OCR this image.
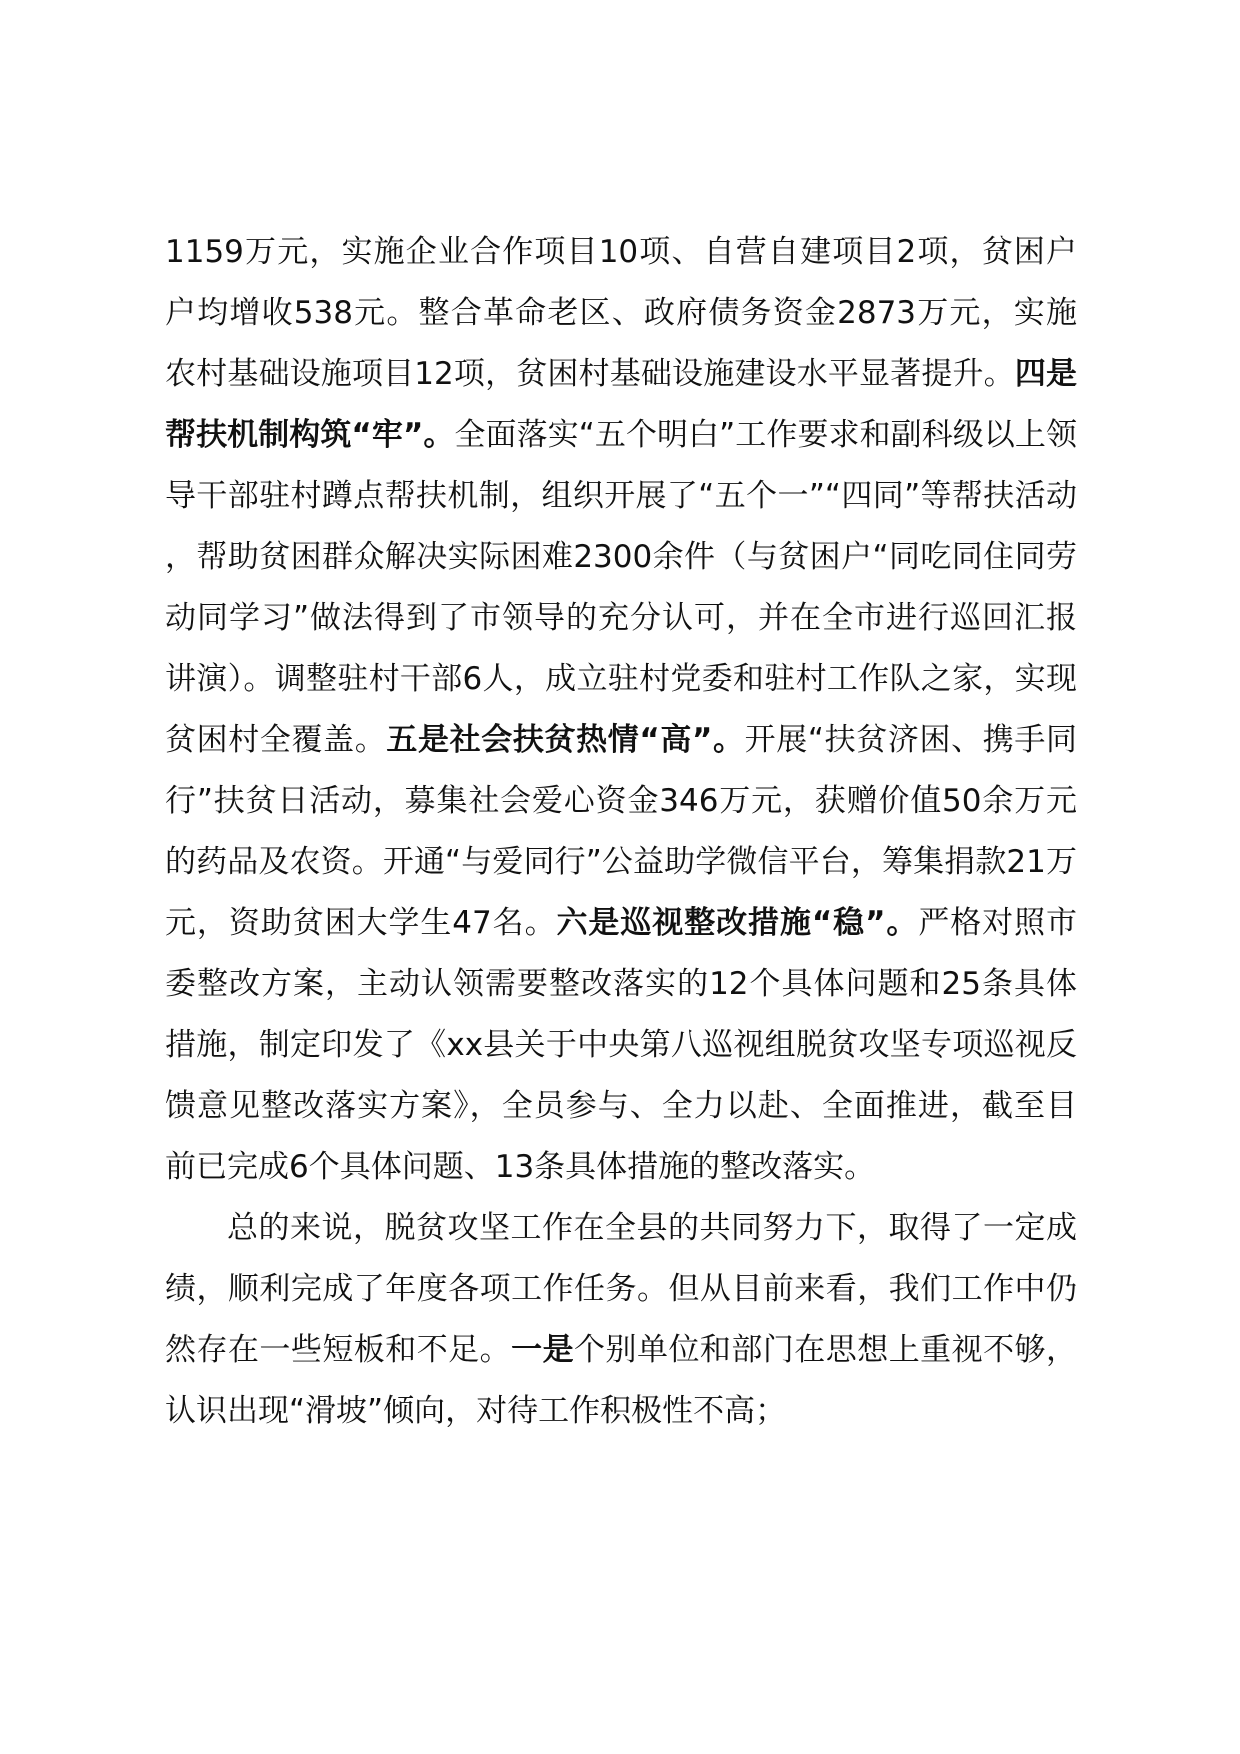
1159万元，实施企业合作项目10项、自营自建项目2项，贫困户户均增收538元。整合革命老区、政府债务资金2873万元，实施农村基础设施项目12项，贫困村基础设施建设水平显著提升。四是帮扶机制构筑“牢”。全面落实“五个明白”工作要求和副科级以上领导干部驻村蹲点帮扶机制，组织开展了“五个一”“四同”等帮扶活动，帮助贫困群众解决实际困难2300余件（与贫困户“同吃同住同劳动同学习”做法得到了市领导的充分认可，并在全市进行巡回汇报讲演）。调整驻村干部6人，成立驻村党委和驻村工作队之家，实现贫困村全覆盖。五是社会扶贫热情“高”。开展“扶贫济困、携手同行”扶贫日活动，募集社会爱心资金346万元，获赠价值50余万元的药品及农资。开通“与爱同行”公益助学微信平台，筹集捐款21万元，资助贫困大学生47名。六是巡视整改措施“稳”。严格对照市委整改方案，主动认领需要整改落实的12个具体问题和25条具体措施，制定印发了《xx县关于中央第八巡视组脱贫攻坚专项巡视反馈意见整改落实方案》，全员参与、全力以赴、全面推进，截至目前已完成6个具体问题、13条具体措施的整改落实。

总的来说，脱贫攻坚工作在全县的共同努力下，取得了一定成绩，顺利完成了年度各项工作任务。但从目前来看，我们工作中仍然存在一些短板和不足。一是个别单位和部门在思想上重视不够，认识出现“滑坡”倾向，对待工作积极性不高；
